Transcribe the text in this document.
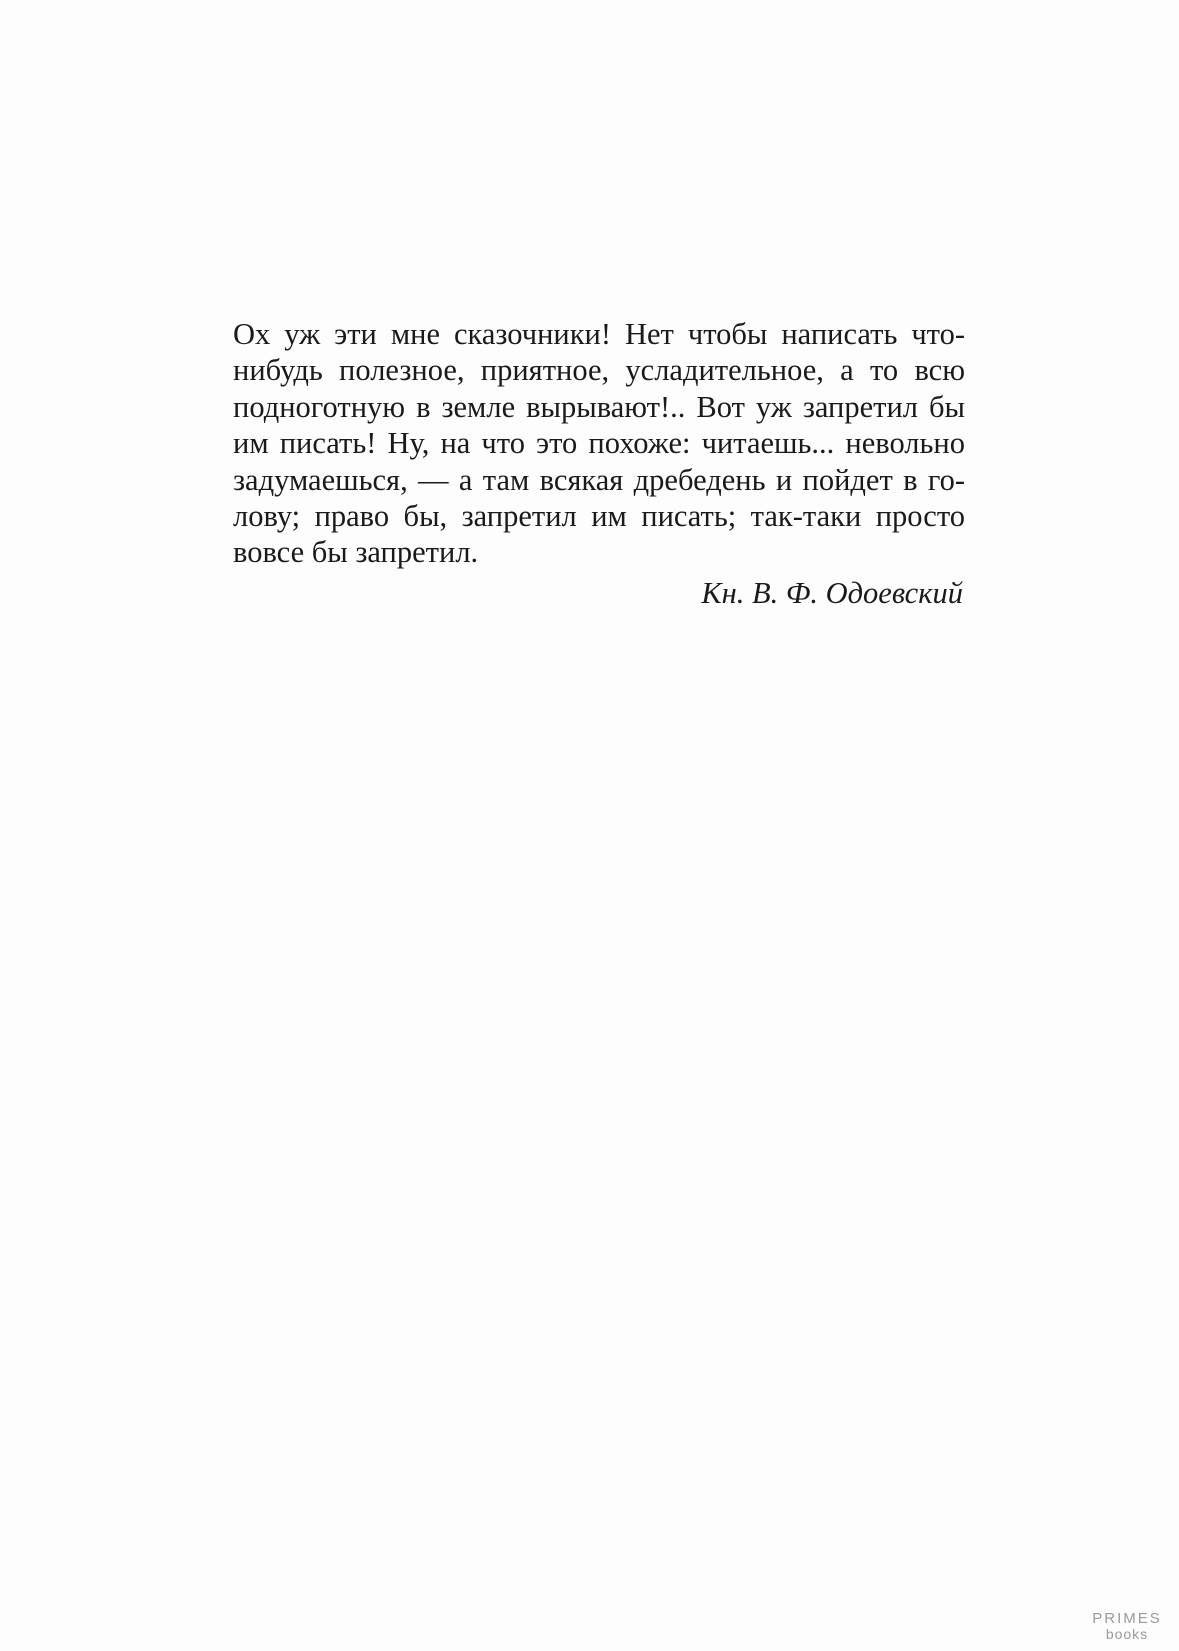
Ох уж эти мне сказочники! Нет чтобы написать что-
нибудь полезное, приятное, усладительное, а то всю
подноготную в земле вырывают!.. Вот уж запретил бы
им писать! Ну, на что это похоже: читаешь... невольно
задумаешься, — а там всякая дребедень и пойдет в го-
лову; право бы, запретил им писать; так-таки просто
вовсе бы запретил.

Кн. В. Ф. Одоевский

PRIMES
books
